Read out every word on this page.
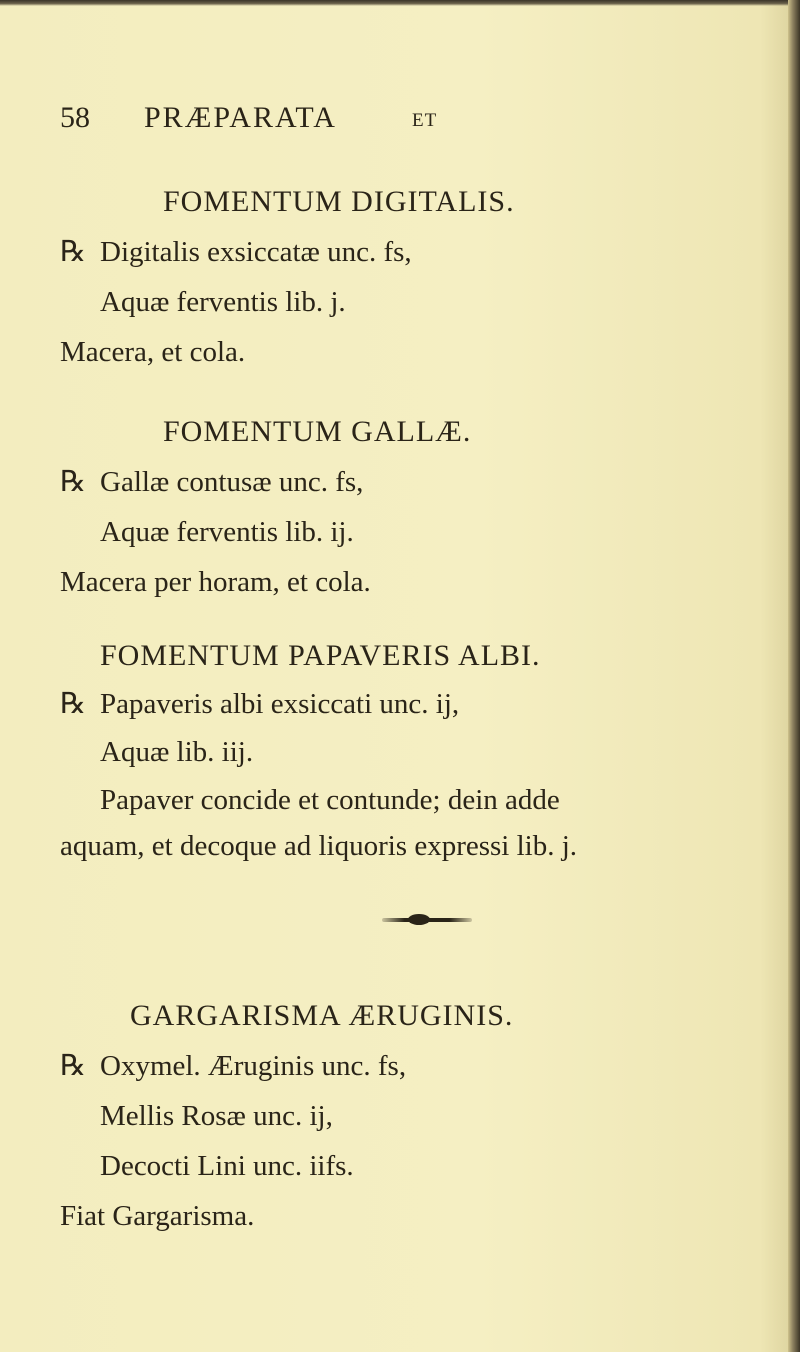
58 PRÆPARATA	ET
FOMENTUM DIGITALIS.
℞ Digitalis exsiccatæ unc. fs,
Aquæ ferventis lib. j.
Macera, et cola.
FOMENTUM GALLÆ.
℞ Gallæ contusæ unc. fs,
Aquæ ferventis lib. ij.
Macera per horam, et cola.
FOMENTUM PAPAVERIS ALBI.
℞ Papaveris albi exsiccati unc. ij,
Aquæ lib. iij.
Papaver concide et contunde; dein adde
aquam, et decoque ad liquoris expressi lib. j.
GARGARISMA ÆRUGINIS.
℞ Oxymel. Æruginis unc. fs,
Mellis Rosæ unc. ij,
Decocti Lini unc. iifs.
Fiat Gargarisma.
